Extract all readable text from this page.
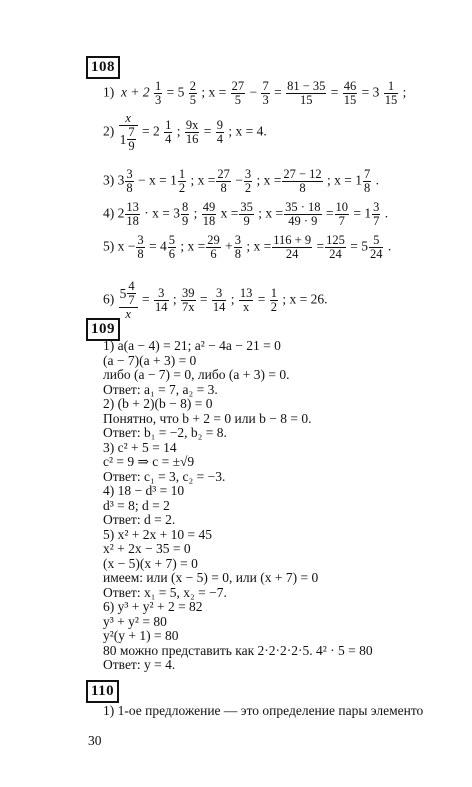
108
1) $x + 2 \frac{1}{3} = 5 \frac{2}{5}$ ; $x = \frac{27}{5} - \frac{7}{3} = \frac{81 - 35}{15} = \frac{46}{15} = 3 \frac{1}{15}$ ;
$2) \frac{x}{1 \frac{7}{9}} = 2 \frac{1}{4}$ ; $\frac{9x}{16} = \frac{9}{4}$ ; x = 4.
3) $3 \frac{3}{8} - x = 1 \frac{1}{2}$ ; $x = \frac{27}{8} - \frac{3}{2}$ ; $x = \frac{27 - 12}{8}$ ; $x = 1 \frac{7}{8}$ .
4) $2 \frac{13}{18} \cdot x = 3 \frac{8}{9}$ ; $\frac{49}{18}$ $x = \frac{35}{9}$ ; $x = \frac{35 \cdot 18}{49 \cdot 9} = \frac{10}{7} = 1 \frac{3}{7}$ .
5) $x - \frac{3}{8} = 4 \frac{5}{6}$ ; $x = \frac{29}{6} + \frac{3}{8}$ ; $x = \frac{116 + 9}{24} = \frac{125}{24} = 5 \frac{5}{24}$ .
$6) \frac{5 \frac{4}{7}}{x} = \frac{3}{14}$ ; $\frac{39}{7x} = \frac{3}{14}$ ; $\frac{13}{x} = \frac{1}{2}$ ; x = 26.
109
1) a(a − 4) = 21; a² − 4a − 21 = 0
(a − 7)(a + 3) = 0
либо (a − 7) = 0, либо (a + 3) = 0.
Ответ: a₁ = 7, a₂ = 3.
2) (b + 2)(b − 8) = 0
Понятно, что b + 2 = 0 или b − 8 = 0.
Ответ: b₁ = −2, b₂ = 8.
3) c² + 5 = 14
c² = 9 ⇒ c = ±√9
Ответ: c₁ = 3, c₂ = −3.
4) 18 − d³ = 10
d³ = 8; d = 2
Ответ: d = 2.
5) x² + 2x + 10 = 45
x² + 2x − 35 = 0
(x − 5)(x + 7) = 0
имеем: или (x − 5) = 0, или (x + 7) = 0
Ответ: x₁ = 5, x₂ = −7.
6) y³ + y² + 2 = 82
y³ + y² = 80
y²(y + 1) = 80
80 можно представить как 2·2·2·2·5. 4² · 5 = 80
Ответ: y = 4.
110
1) 1-ое предложение — это определение пары элементо
30
